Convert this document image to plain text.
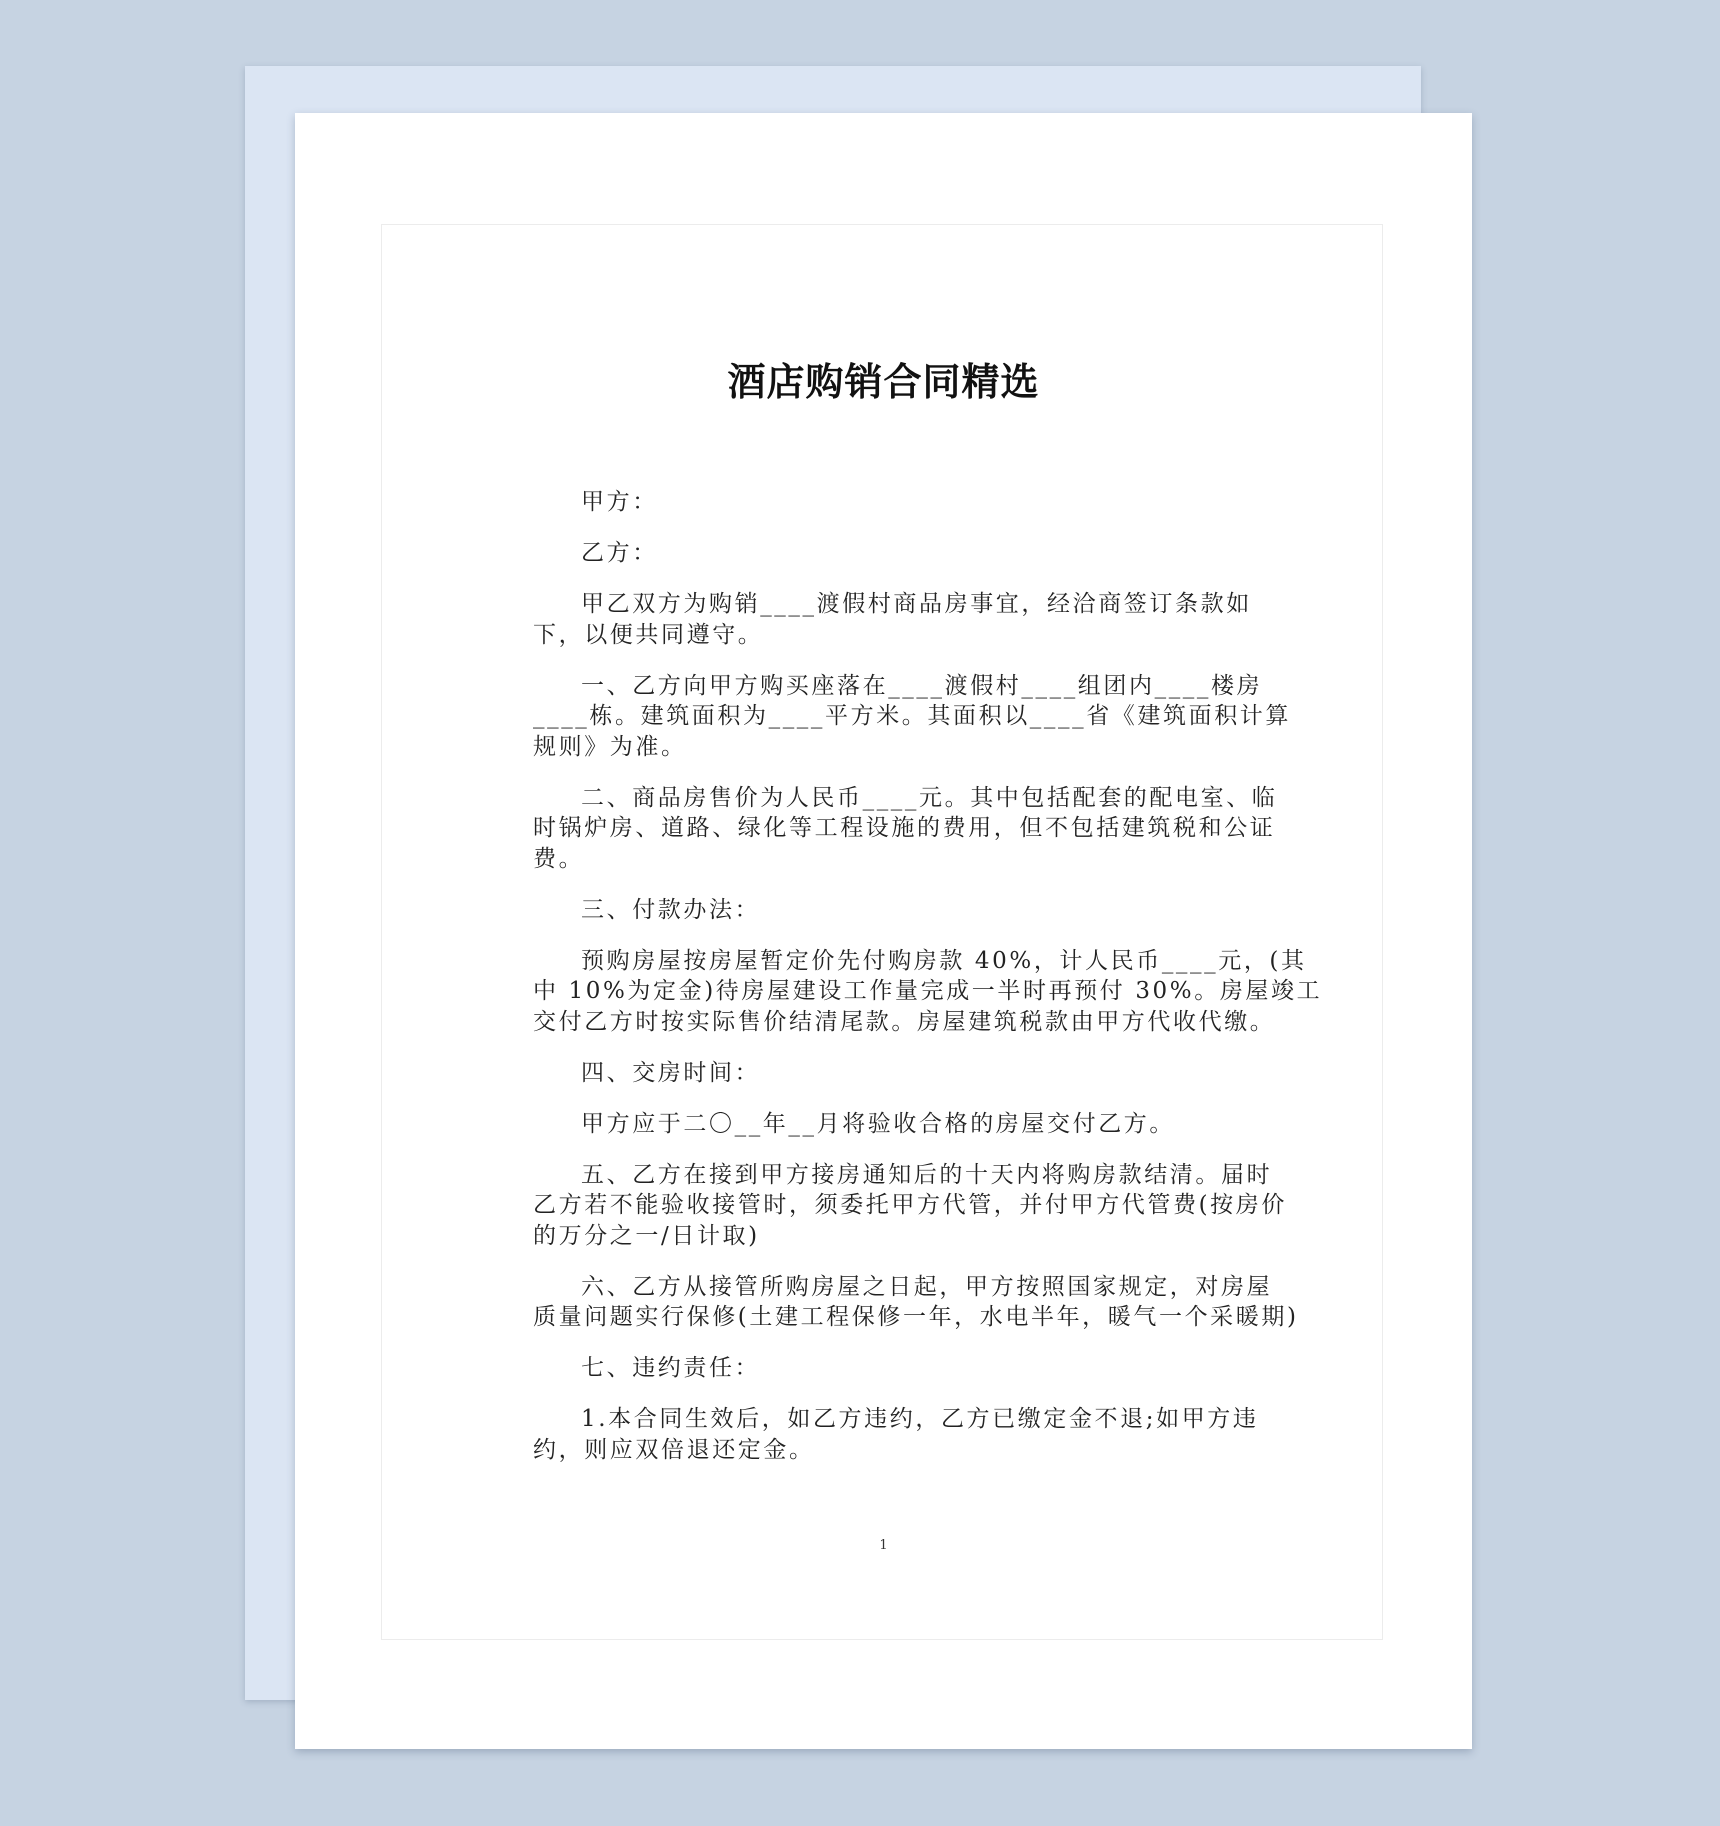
酒店购销合同精选
甲方：
乙方：
甲乙双方为购销____渡假村商品房事宜，经洽商签订条款如
下，以便共同遵守。
一、乙方向甲方购买座落在____渡假村____组团内____楼房
____栋。建筑面积为____平方米。其面积以____省《建筑面积计算
规则》为准。
二、商品房售价为人民币____元。其中包括配套的配电室、临
时锅炉房、道路、绿化等工程设施的费用，但不包括建筑税和公证
费。
三、付款办法：
预购房屋按房屋暂定价先付购房款 40%，计人民币____元，(其
中 10%为定金)待房屋建设工作量完成一半时再预付 30%。房屋竣工
交付乙方时按实际售价结清尾款。房屋建筑税款由甲方代收代缴。
四、交房时间：
甲方应于二〇__年__月将验收合格的房屋交付乙方。
五、乙方在接到甲方接房通知后的十天内将购房款结清。届时
乙方若不能验收接管时，须委托甲方代管，并付甲方代管费(按房价
的万分之一/日计取)
六、乙方从接管所购房屋之日起，甲方按照国家规定，对房屋
质量问题实行保修(土建工程保修一年，水电半年，暖气一个采暖期)
七、违约责任：
1.本合同生效后，如乙方违约，乙方已缴定金不退;如甲方违
约，则应双倍退还定金。
1
